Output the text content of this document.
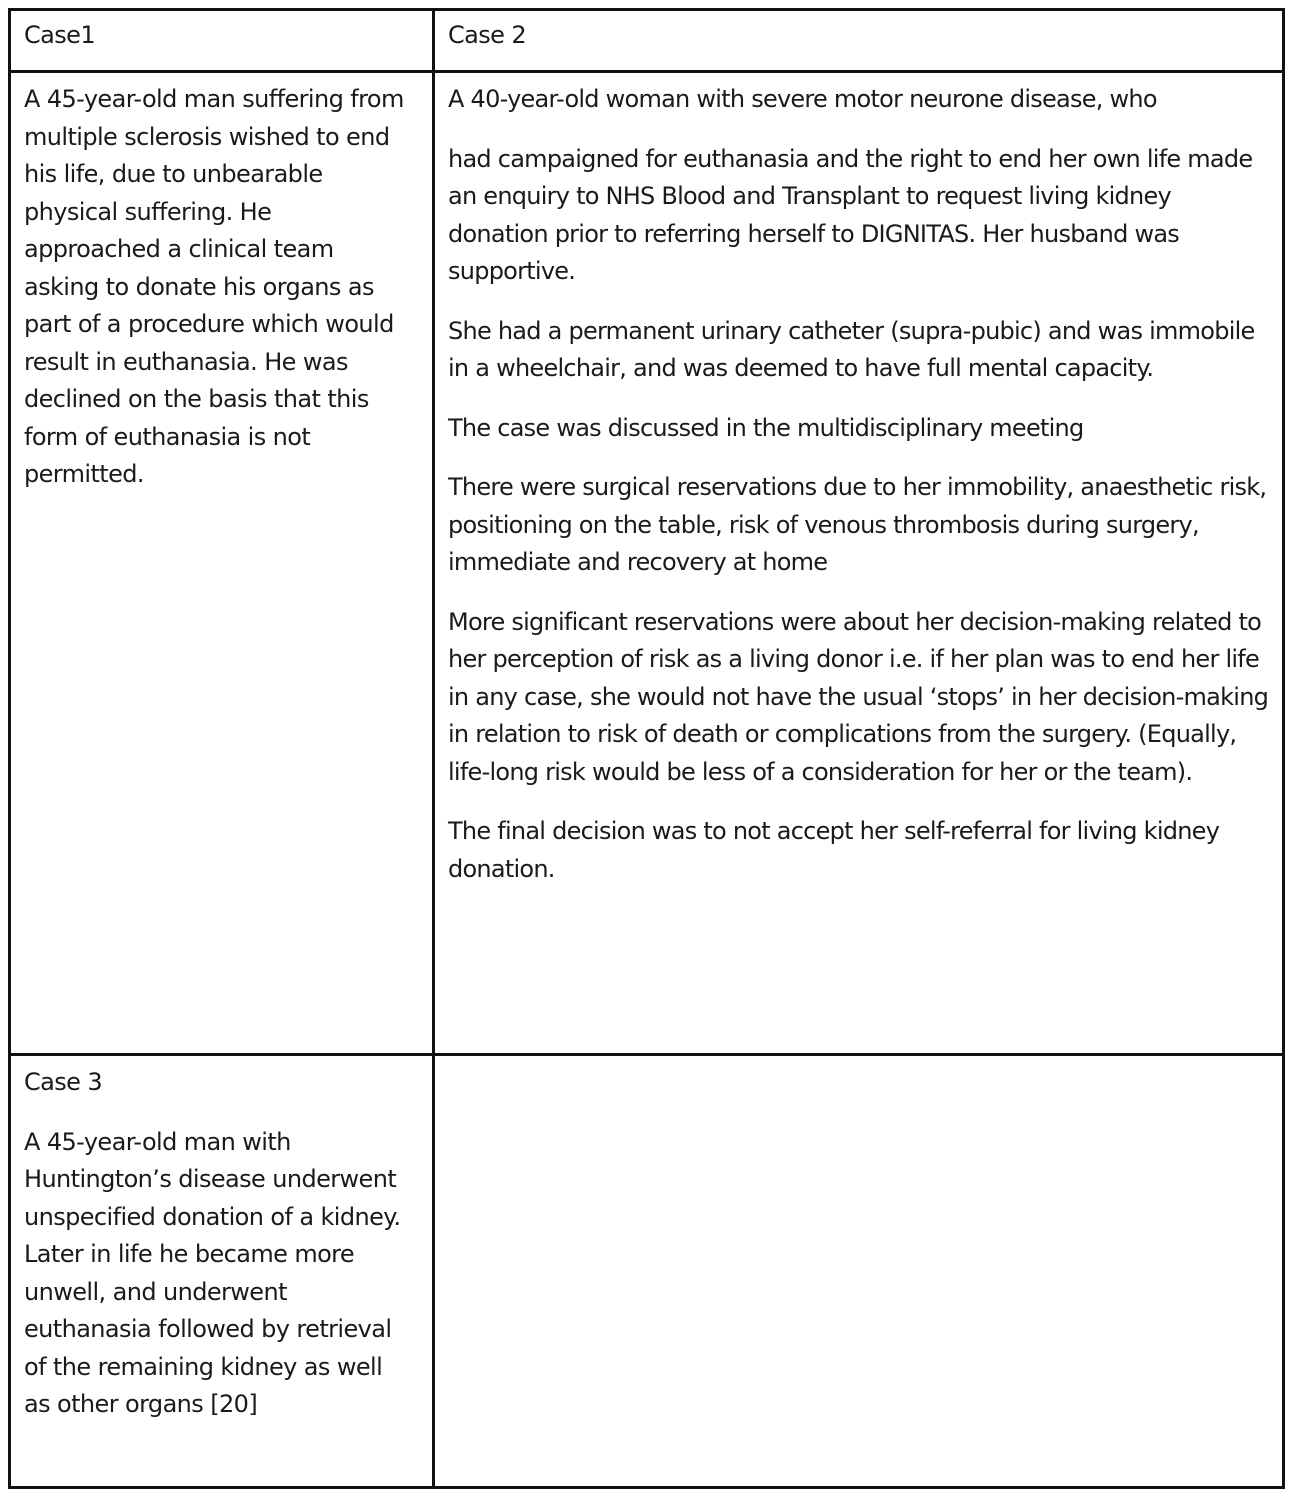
Case1	Case 2

A 45-year-old man suffering from multiple sclerosis wished to end his life, due to unbearable physical suffering. He approached a clinical team asking to donate his organs as part of a procedure which would result in euthanasia. He was declined on the basis that this form of euthanasia is not permitted.

A 40-year-old woman with severe motor neurone disease, who

had campaigned for euthanasia and the right to end her own life made an enquiry to NHS Blood and Transplant to request living kidney donation prior to referring herself to DIGNITAS. Her husband was supportive.

She had a permanent urinary catheter (supra-pubic) and was immobile in a wheelchair, and was deemed to have full mental capacity.

The case was discussed in the multidisciplinary meeting

There were surgical reservations due to her immobility, anaesthetic risk, positioning on the table, risk of venous thrombosis during surgery, immediate and recovery at home

More significant reservations were about her decision-making related to her perception of risk as a living donor i.e. if her plan was to end her life in any case, she would not have the usual ‘stops’ in her decision-making in relation to risk of death or complications from the surgery. (Equally, life-long risk would be less of a consideration for her or the team).

The final decision was to not accept her self-referral for living kidney donation.

Case 3

A 45-year-old man with Huntington’s disease underwent unspecified donation of a kidney. Later in life he became more unwell, and underwent euthanasia followed by retrieval of the remaining kidney as well as other organs [20]
